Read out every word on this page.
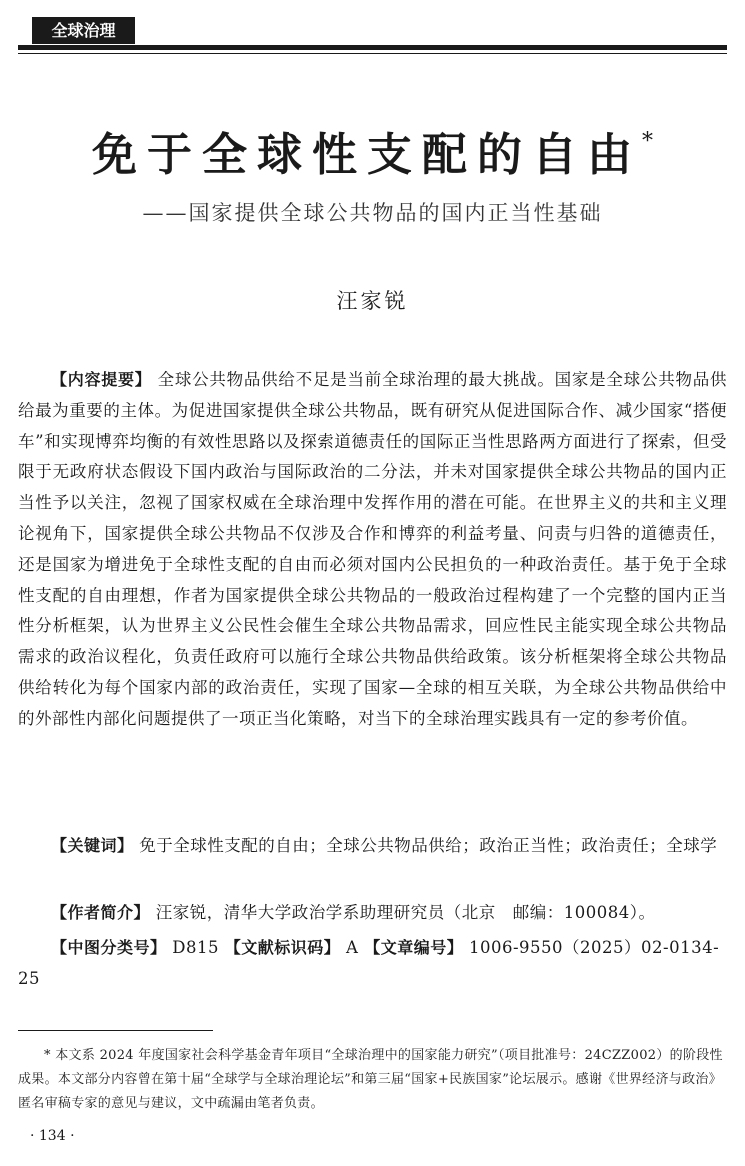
全球治理
免于全球性支配的自由*
——国家提供全球公共物品的国内正当性基础
汪家锐
【内容提要】 全球公共物品供给不足是当前全球治理的最大挑战。国家是全球公共物品供给最为重要的主体。为促进国家提供全球公共物品，既有研究从促进国际合作、减少国家“搭便车”和实现博弈均衡的有效性思路以及探索道德责任的国际正当性思路两方面进行了探索，但受限于无政府状态假设下国内政治与国际政治的二分法，并未对国家提供全球公共物品的国内正当性予以关注，忽视了国家权威在全球治理中发挥作用的潜在可能。在世界主义的共和主义理论视角下，国家提供全球公共物品不仅涉及合作和博弈的利益考量、问责与归咎的道德责任，还是国家为增进免于全球性支配的自由而必须对国内公民担负的一种政治责任。基于免于全球性支配的自由理想，作者为国家提供全球公共物品的一般政治过程构建了一个完整的国内正当性分析框架，认为世界主义公民性会催生全球公共物品需求，回应性民主能实现全球公共物品需求的政治议程化，负责任政府可以施行全球公共物品供给政策。该分析框架将全球公共物品供给转化为每个国家内部的政治责任，实现了国家—全球的相互关联，为全球公共物品供给中的外部性内部化问题提供了一项正当化策略，对当下的全球治理实践具有一定的参考价值。
【关键词】 免于全球性支配的自由；全球公共物品供给；政治正当性；政治责任；全球学
【作者简介】 汪家锐，清华大学政治学系助理研究员（北京　邮编：100084）。
【中图分类号】 D815 【文献标识码】 A 【文章编号】 1006-9550（2025）02-0134-25
* 本文系 2024 年度国家社会科学基金青年项目“全球治理中的国家能力研究”（项目批准号：24CZZ002）的阶段性成果。本文部分内容曾在第十届“全球学与全球治理论坛”和第三届“国家+民族国家”论坛展示。感谢《世界经济与政治》匿名审稿专家的意见与建议，文中疏漏由笔者负责。
· 134 ·
